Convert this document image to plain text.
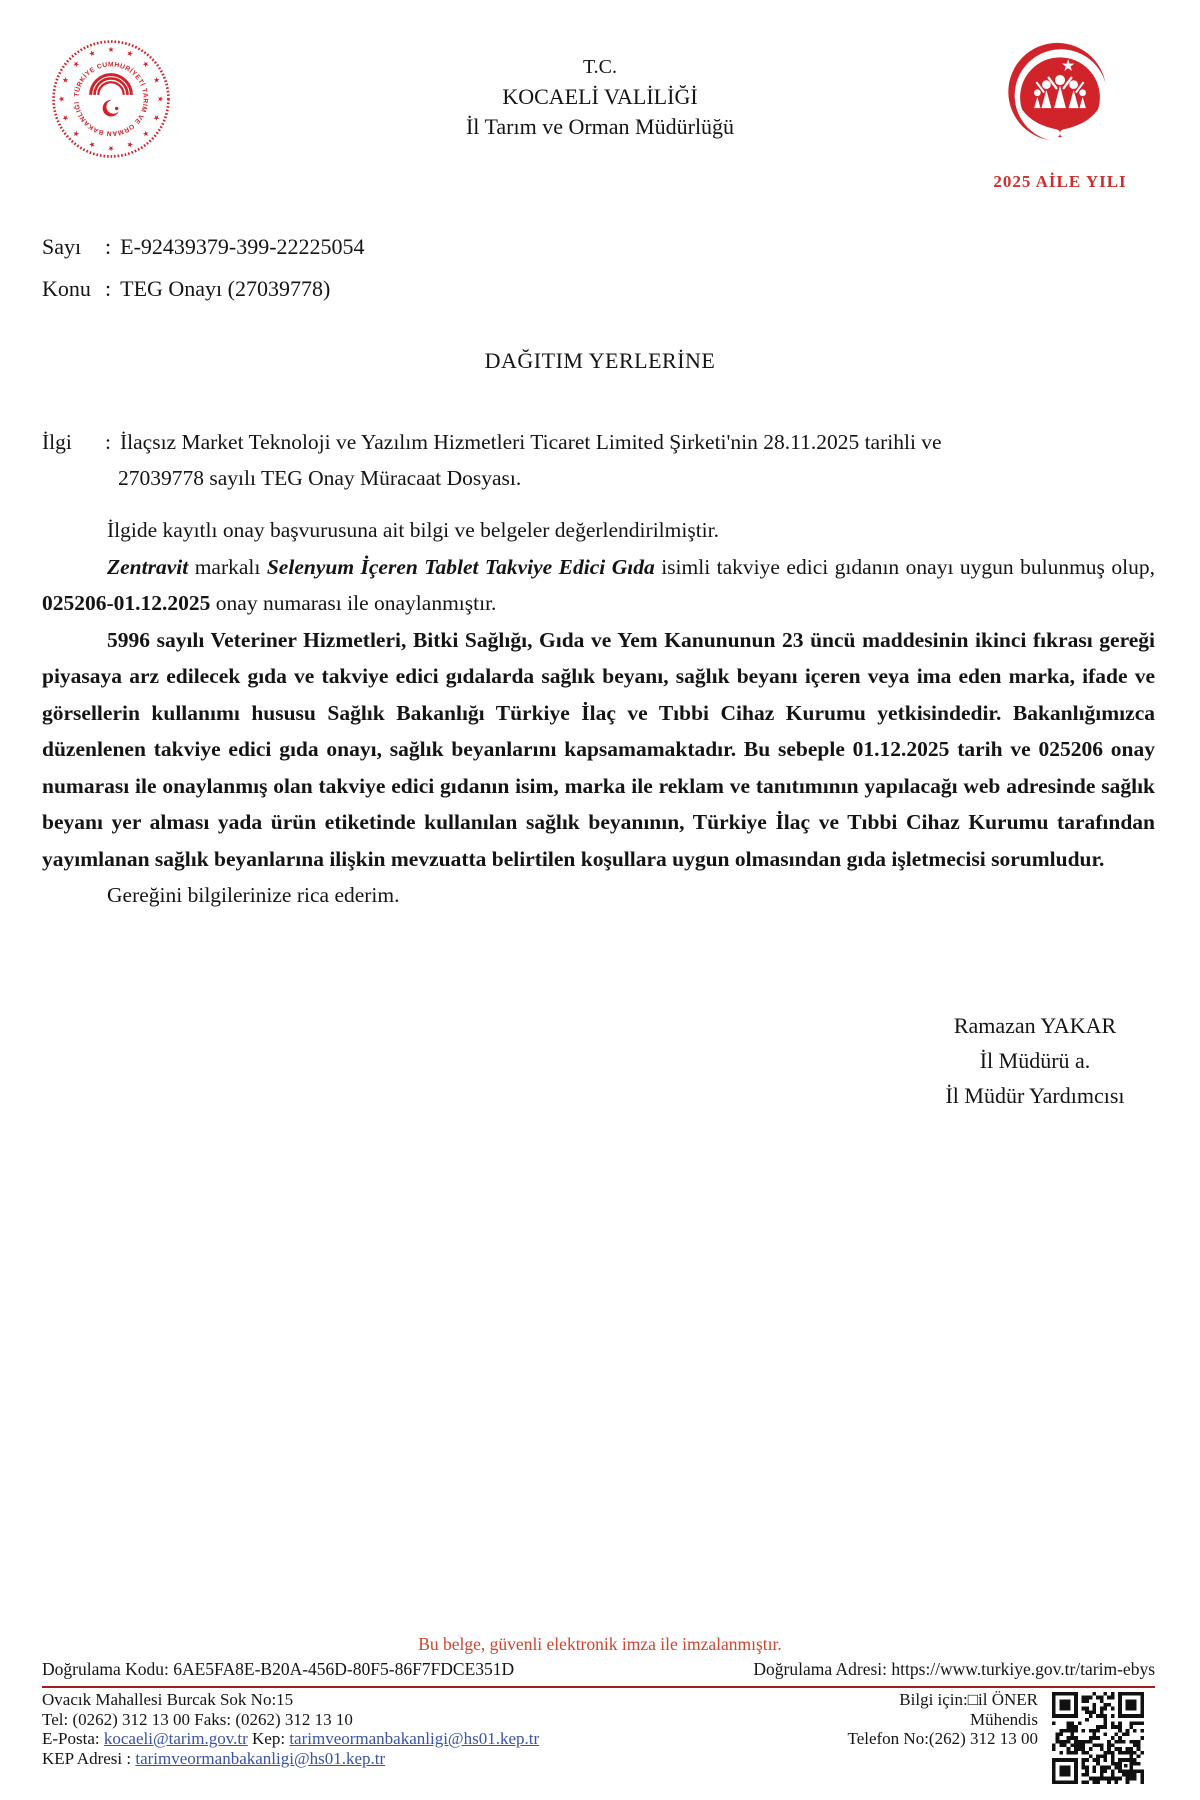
★ ★
★
★
★
★
★
★
★
★
★
★
★
★
★
★
TÜRKİYE CUMHURİYETİ TARIM VE ORMAN BAKANLIĞI
T.C.
KOCAELİ VALİLİĞİ
İl Tarım ve Orman Müdürlüğü
2025 AİLE YILI
Sayı : E-92439379-399-22225054
Konu : TEG Onayı (27039778)
DAĞITIM YERLERİNE
İlgi : İlaçsız Market Teknoloji ve Yazılım Hizmetleri Ticaret Limited Şirketi'nin 28.11.2025 tarihli ve
27039778 sayılı TEG Onay Müracaat Dosyası.

İlgide kayıtlı onay başvurusuna ait bilgi ve belgeler değerlendirilmiştir.

Zentravit markalı Selenyum İçeren Tablet Takviye Edici Gıda isimli takviye edici gıdanın onayı uygun bulunmuş olup, 025206-01.12.2025 onay numarası ile onaylanmıştır.

5996 sayılı Veteriner Hizmetleri, Bitki Sağlığı, Gıda ve Yem Kanununun 23 üncü maddesinin ikinci fıkrası gereği piyasaya arz edilecek gıda ve takviye edici gıdalarda sağlık beyanı, sağlık beyanı içeren veya ima eden marka, ifade ve görsellerin kullanımı hususu Sağlık Bakanlığı Türkiye İlaç ve Tıbbi Cihaz Kurumu yetkisindedir. Bakanlığımızca düzenlenen takviye edici gıda onayı, sağlık beyanlarını kapsamamaktadır. Bu sebeple 01.12.2025 tarih ve 025206 onay numarası ile onaylanmış olan takviye edici gıdanın isim, marka ile reklam ve tanıtımının yapılacağı web adresinde sağlık beyanı yer alması yada ürün etiketinde kullanılan sağlık beyanının, Türkiye İlaç ve Tıbbi Cihaz Kurumu tarafından yayımlanan sağlık beyanlarına ilişkin mevzuatta belirtilen koşullara uygun olmasından gıda işletmecisi sorumludur.

Gereğini bilgilerinize rica ederim.

Ramazan YAKAR
İl Müdürü a.
İl Müdür Yardımcısı
Bu belge, güvenli elektronik imza ile imzalanmıştır.
Doğrulama Kodu: 6AE5FA8E-B20A-456D-80F5-86F7FDCE351D	Doğrulama Adresi: https://www.turkiye.gov.tr/tarim-ebys
Ovacık Mahallesi Burcak Sok No:15
Tel: (0262) 312 13 00 Faks: (0262) 312 13 10
E-Posta: kocaeli@tarim.gov.tr Kep: tarimveormanbakanligi@hs01.kep.tr
KEP Adresi : tarimveormanbakanligi@hs01.kep.tr
Bilgi için:□il ÖNER
Mühendis
Telefon No:(262) 312 13 00
